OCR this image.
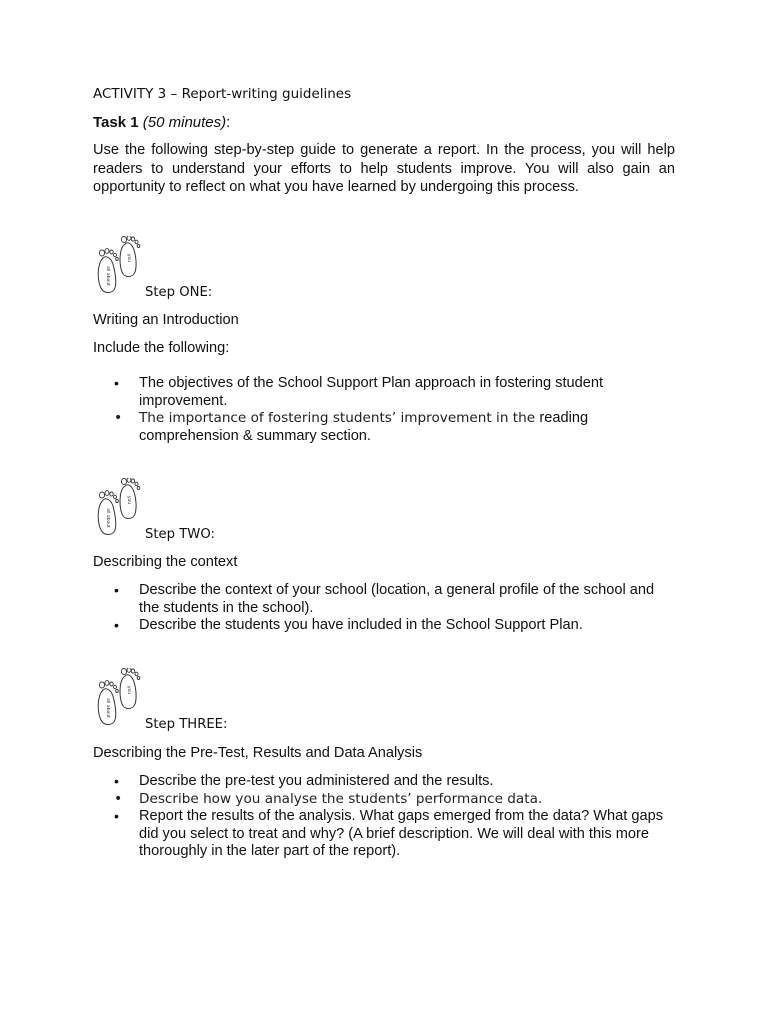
ACTIVITY 3 – Report-writing guidelines
Task 1 (50 minutes):
Use the following step-by-step guide to generate a report. In the process, you will help readers to understand your efforts to help students improve. You will also gain an opportunity to reflect on what you have learned by undergoing this process.
all about
you
Step ONE:
Writing an Introduction
Include the following:
• The objectives of the School Support Plan approach in fostering student improvement.
• The importance of fostering students’ improvement in the reading comprehension & summary section.
all about
you
Step TWO:
Describing the context
• Describe the context of your school (location, a general profile of the school and the students in the school).
• Describe the students you have included in the School Support Plan.
all about
you
Step THREE:
Describing the Pre-Test, Results and Data Analysis
• Describe the pre-test you administered and the results.
• Describe how you analyse the students’ performance data.
• Report the results of the analysis. What gaps emerged from the data? What gaps did you select to treat and why? (A brief description. We will deal with this more thoroughly in the later part of the report).
